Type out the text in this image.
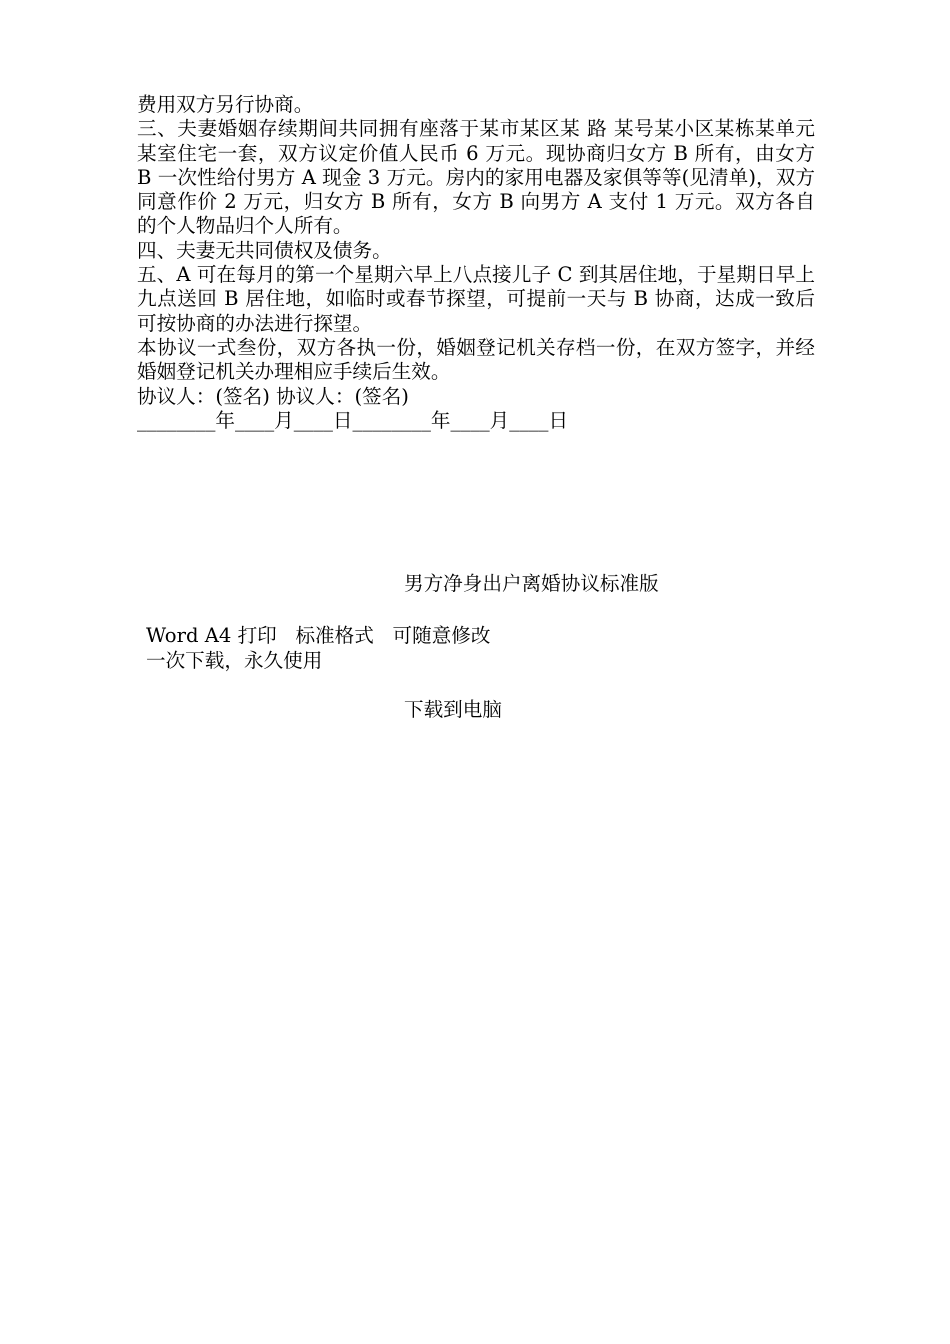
费用双方另行协商。

三、夫妻婚姻存续期间共同拥有座落于某市某区某 路 某号某小区某栋某单元某室住宅一套，双方议定价值人民币 6 万元。现协商归女方 B 所有，由女方 B 一次性给付男方 A 现金 3 万元。房内的家用电器及家俱等等(见清单)，双方同意作价 2 万元，归女方 B 所有，女方 B 向男方 A 支付 1 万元。双方各自的个人物品归个人所有。

四、夫妻无共同债权及债务。

五、A 可在每月的第一个星期六早上八点接儿子 C 到其居住地，于星期日早上九点送回 B 居住地，如临时或春节探望，可提前一天与 B 协商，达成一致后可按协商的办法进行探望。

本协议一式叁份，双方各执一份，婚姻登记机关存档一份，在双方签字，并经婚姻登记机关办理相应手续后生效。

协议人：(签名) 协议人：(签名)

________年____月____日________年____月____日

男方净身出户离婚协议标准版
Word A4 打印   标准格式   可随意修改
一次下载，永久使用
下载到电脑
